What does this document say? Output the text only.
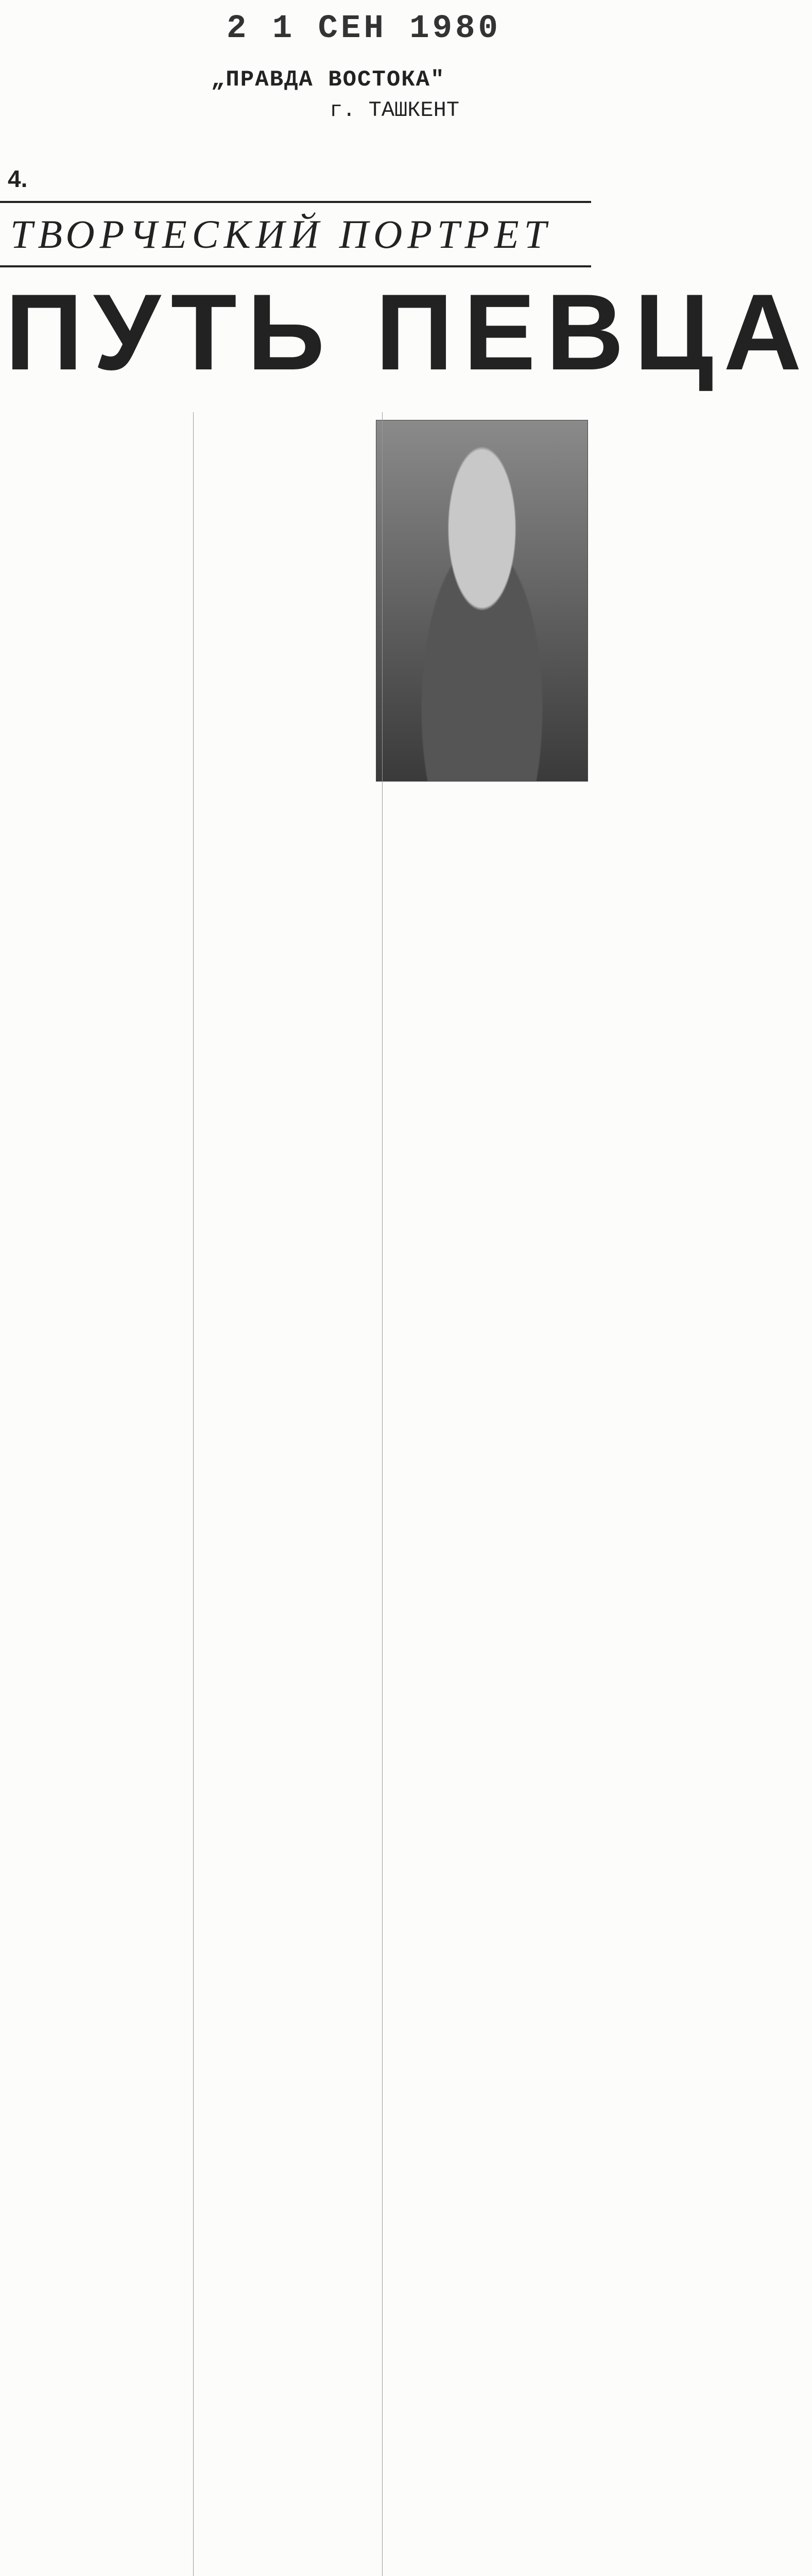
2 1 СЕН 1980
„ПРАВДА ВОСТОКА"
г. ТАШКЕНТ
4.
ТВОРЧЕСКИЙ ПОРТРЕТ
ПУТЬ ПЕВЦА
